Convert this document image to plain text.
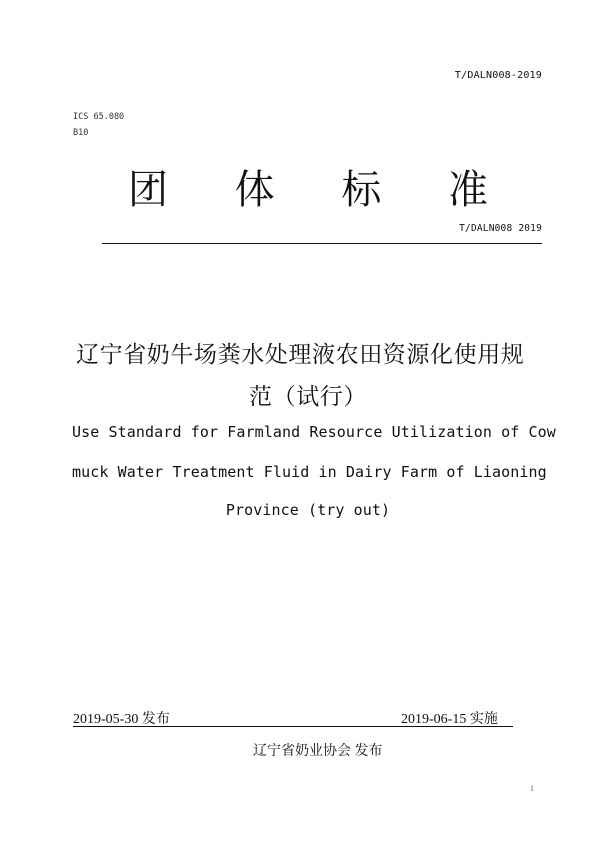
T/DALN008-2019
ICS 65.080
B10
团 体 标 准
T/DALN008 2019
辽宁省奶牛场粪水处理液农田资源化使用规
范（试行）
Use Standard for Farmland Resource Utilization of Cow
muck Water Treatment Fluid in Dairy Farm of Liaoning
Province (try out)
2019-05-30 发布	2019-06-15 实施
辽宁省奶业协会 发布
1
